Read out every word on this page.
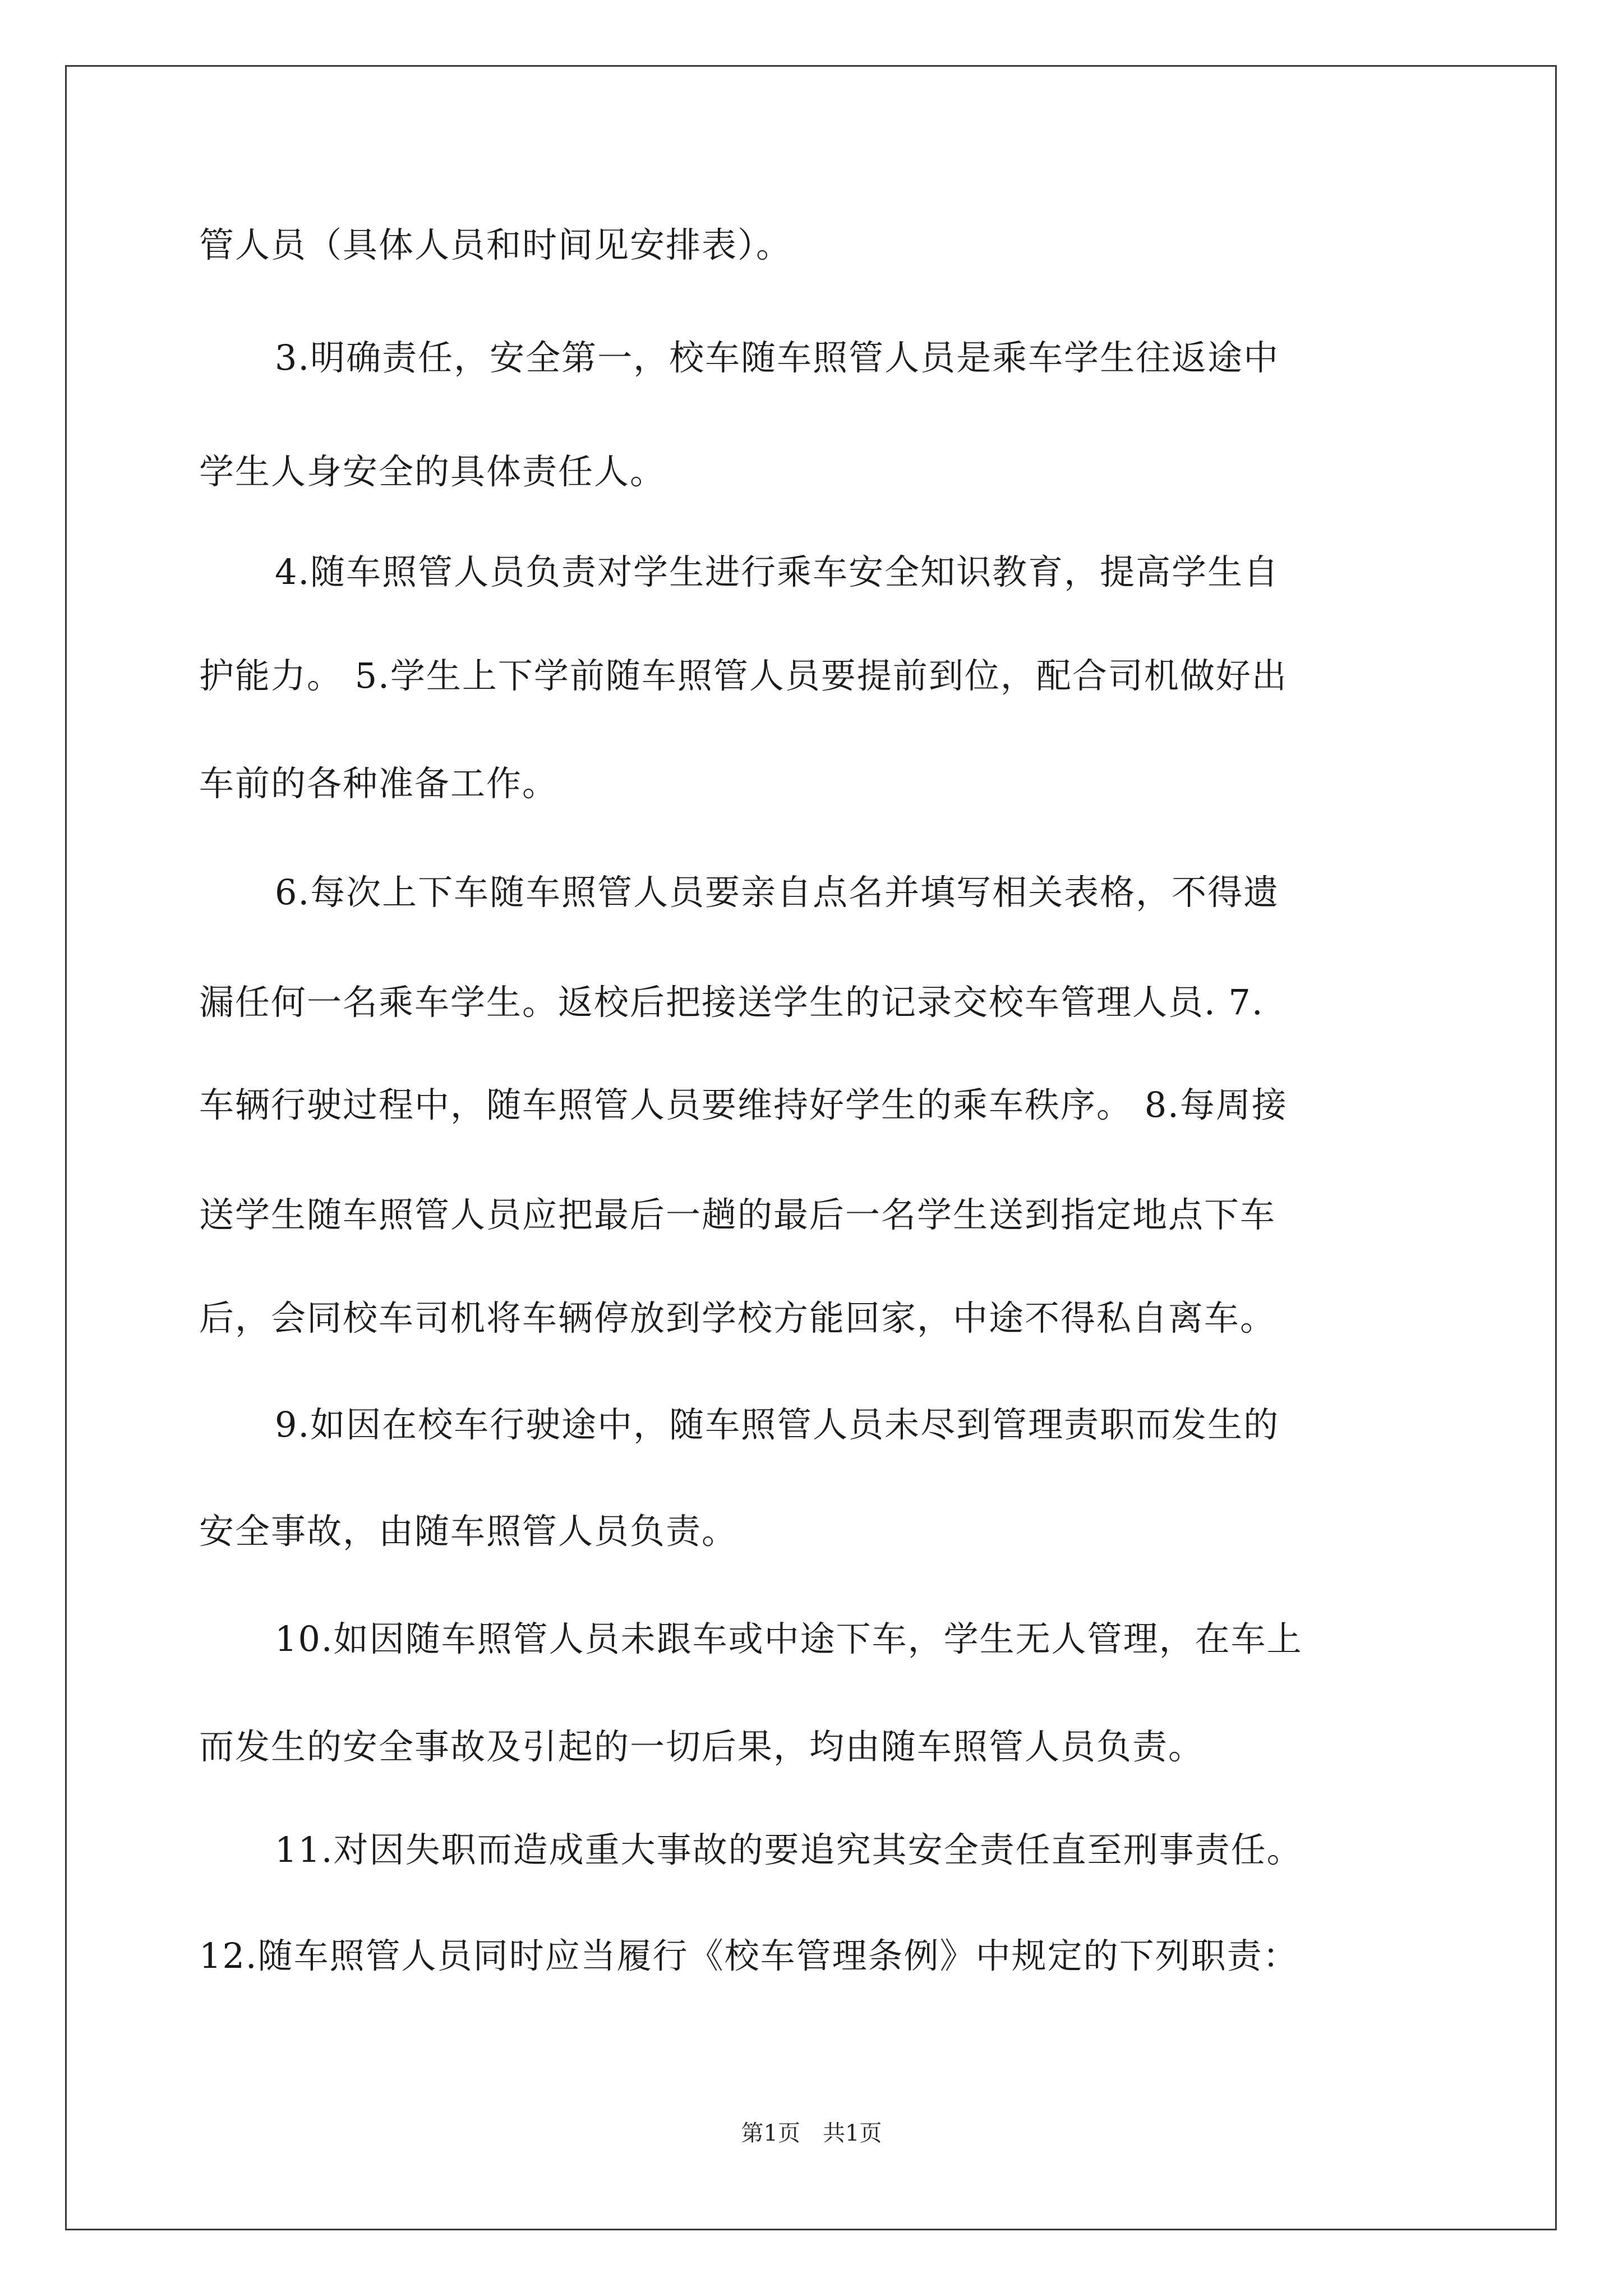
管人员（具体人员和时间见安排表）。
3.明确责任，安全第一，校车随车照管人员是乘车学生往返途中
学生人身安全的具体责任人。
4.随车照管人员负责对学生进行乘车安全知识教育，提高学生自
护能力。 5.学生上下学前随车照管人员要提前到位，配合司机做好出
车前的各种准备工作。
6.每次上下车随车照管人员要亲自点名并填写相关表格，不得遗
漏任何一名乘车学生。返校后把接送学生的记录交校车管理人员. 7.
车辆行驶过程中，随车照管人员要维持好学生的乘车秩序。 8.每周接
送学生随车照管人员应把最后一趟的最后一名学生送到指定地点下车
后，会同校车司机将车辆停放到学校方能回家，中途不得私自离车。
9.如因在校车行驶途中，随车照管人员未尽到管理责职而发生的
安全事故，由随车照管人员负责。
10.如因随车照管人员未跟车或中途下车，学生无人管理，在车上
而发生的安全事故及引起的一切后果，均由随车照管人员负责。
11.对因失职而造成重大事故的要追究其安全责任直至刑事责任。
12.随车照管人员同时应当履行《校车管理条例》中规定的下列职责：
第1页　共1页
